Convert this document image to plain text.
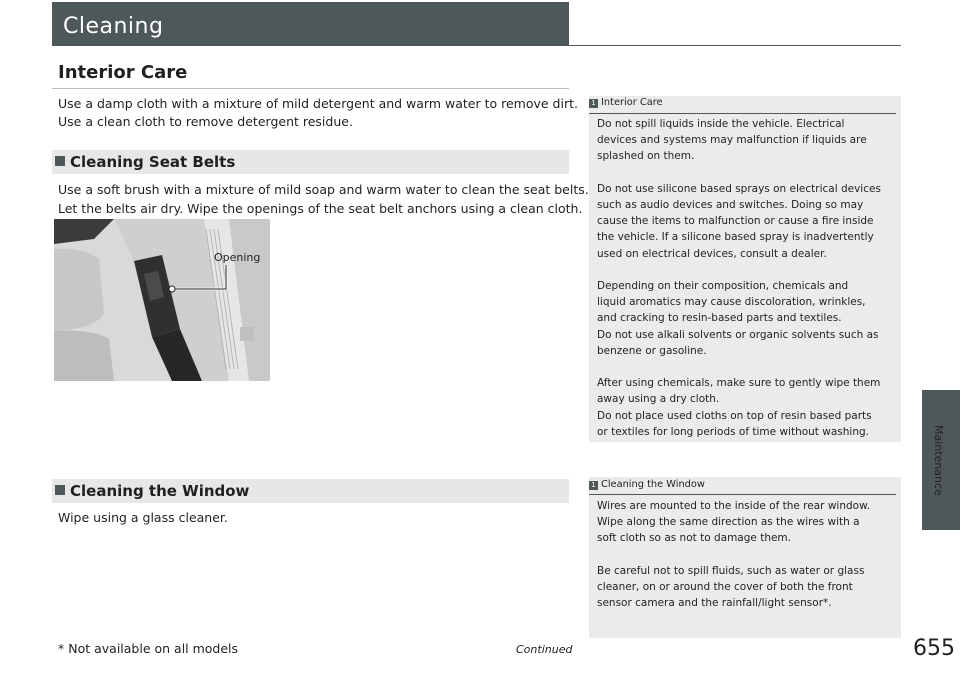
Cleaning
Maintenance
Interior Care
Use a damp cloth with a mixture of mild detergent and warm water to remove dirt.
Use a clean cloth to remove detergent residue.
Cleaning Seat Belts
Use a soft brush with a mixture of mild soap and warm water to clean the seat belts.
Let the belts air dry. Wipe the openings of the seat belt anchors using a clean cloth.
Opening
Cleaning the Window
Wipe using a glass cleaner.
1 Interior Care
Do not spill liquids inside the vehicle. Electrical
devices and systems may malfunction if liquids are
splashed on them.

Do not use silicone based sprays on electrical devices
such as audio devices and switches. Doing so may
cause the items to malfunction or cause a fire inside
the vehicle. If a silicone based spray is inadvertently
used on electrical devices, consult a dealer.

Depending on their composition, chemicals and
liquid aromatics may cause discoloration, wrinkles,
and cracking to resin-based parts and textiles.
Do not use alkali solvents or organic solvents such as
benzene or gasoline.

After using chemicals, make sure to gently wipe them
away using a dry cloth.
Do not place used cloths on top of resin based parts
or textiles for long periods of time without washing.
1 Cleaning the Window
Wires are mounted to the inside of the rear window.
Wipe along the same direction as the wires with a
soft cloth so as not to damage them.

Be careful not to spill fluids, such as water or glass
cleaner, on or around the cover of both the front
sensor camera and the rainfall/light sensor*.
* Not available on all models	Continued	655
